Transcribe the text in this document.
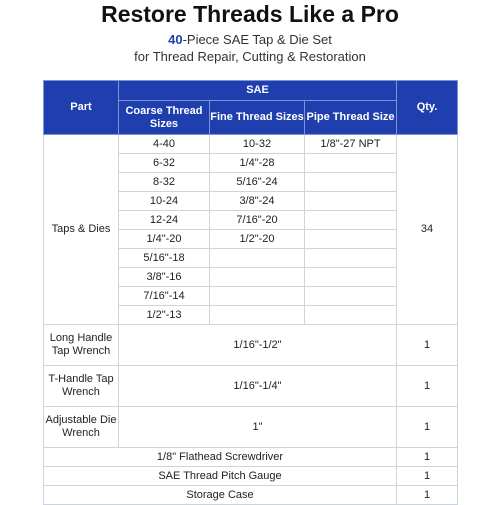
Restore Threads Like a Pro
40-Piece SAE Tap & Die Set
for Thread Repair, Cutting & Restoration
Part	SAE			Qty.
	Coarse Thread Sizes	Fine Thread Sizes	Pipe Thread Size	
Taps & Dies	4-40	10-32	1/8"-27 NPT	34
	6-32	1/4"-28		
	8-32	5/16"-24		
	10-24	3/8"-24		
	12-24	7/16"-20		
	1/4"-20	1/2"-20		
	5/16"-18			
	3/8"-16			
	7/16"-14			
	1/2"-13			
Long Handle Tap Wrench	1/16"-1/2"			1
T-Handle Tap Wrench	1/16"-1/4"			1
Adjustable Die Wrench	1"			1
1/8" Flathead Screwdriver				1
SAE Thread Pitch Gauge				1
Storage Case				1
